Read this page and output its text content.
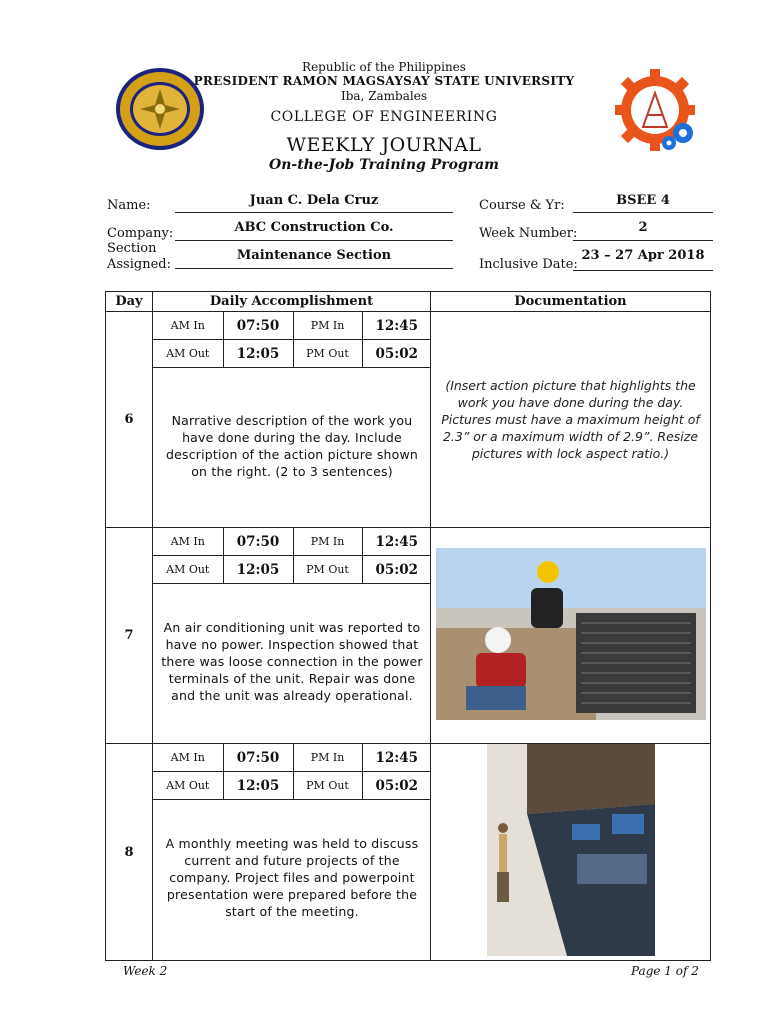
Republic of the Philippines
PRESIDENT RAMON MAGSAYSAY STATE UNIVERSITY
Iba, Zambales
COLLEGE OF ENGINEERING
WEEKLY JOURNAL
On-the-Job Training Program
Name:	Juan C. Dela Cruz
Company:	ABC Construction Co.
Section
Assigned:
Maintenance Section
Course & Yr:	BSEE 4
Week Number:	2
Inclusive Date:
23 – 27 Apr 2018
Day	Daily Accomplishment	Documentation
6	
AM In	07:50	PM In	12:45
AM Out	12:05	PM Out	05:02
Narrative description of the work you have done during the day. Include description of the action picture shown on the right. (2 to 3 sentences)

(Insert action picture that highlights the work you have done during the day. Pictures must have a maximum height of 2.3” or a maximum width of 2.9”. Resize pictures with lock aspect ratio.)

7	
AM In	07:50	PM In	12:45
AM Out	12:05	PM Out	05:02
An air conditioning unit was reported to have no power. Inspection showed that there was loose connection in the power terminals of the unit. Repair was done and the unit was already operational.

8	
AM In	07:50	PM In	12:45
AM Out	12:05	PM Out	05:02
A monthly meeting was held to discuss current and future projects of the company. Project files and powerpoint presentation were prepared before the start of the meeting.

Week 2	Page 1 of 2
